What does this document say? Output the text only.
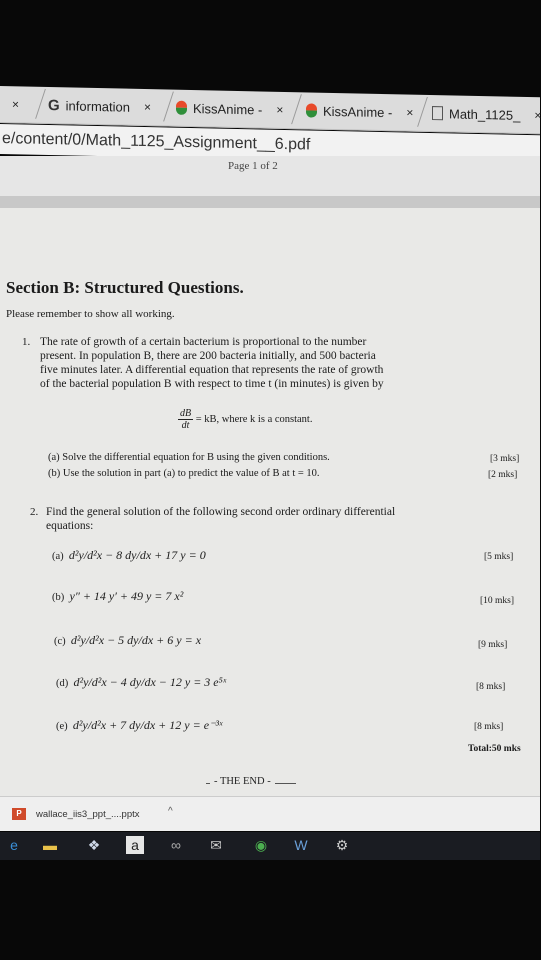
× G information ×	KissAnime - ×	KissAnime - ×	Math_1125_ ×
e/content/0/Math_1125_Assignment__6.pdf
Page 1 of 2
Section B: Structured Questions.
Please remember to show all working.
1. The rate of growth of a certain bacterium is proportional to the number
present. In population B, there are 200 bacteria initially, and 500 bacteria
five minutes later. A differential equation that represents the rate of growth
of the bacterial population B with respect to time t (in minutes) is given by
$\frac{dB}{dt}$ = kB, where k is a constant.
(a) Solve the differential equation for B using the given conditions.	[3 mks]
(b) Use the solution in part (a) to predict the value of B at t = 10.	[2 mks]
2. Find the general solution of the following second order ordinary differential
equations:
(a) d²y/d²x − 8 dy/dx + 17 y = 0	[5 mks]
(b) y″ + 14 y′ + 49 y = 7 x²	[10 mks]
(c) d²y/d²x − 5 dy/dx + 6 y = x	[9 mks]
(d) d²y/d²x − 4 dy/dx − 12 y = 3 e⁵ˣ	[8 mks]
(e) d²y/d²x + 7 dy/dx + 12 y = e⁻³ˣ	[8 mks]
Total:50 mks
- THE END -
P	wallace_iis3_ppt_....pptx	^
e	▬ ❖	a	∞	✉	◉	W	⚙
